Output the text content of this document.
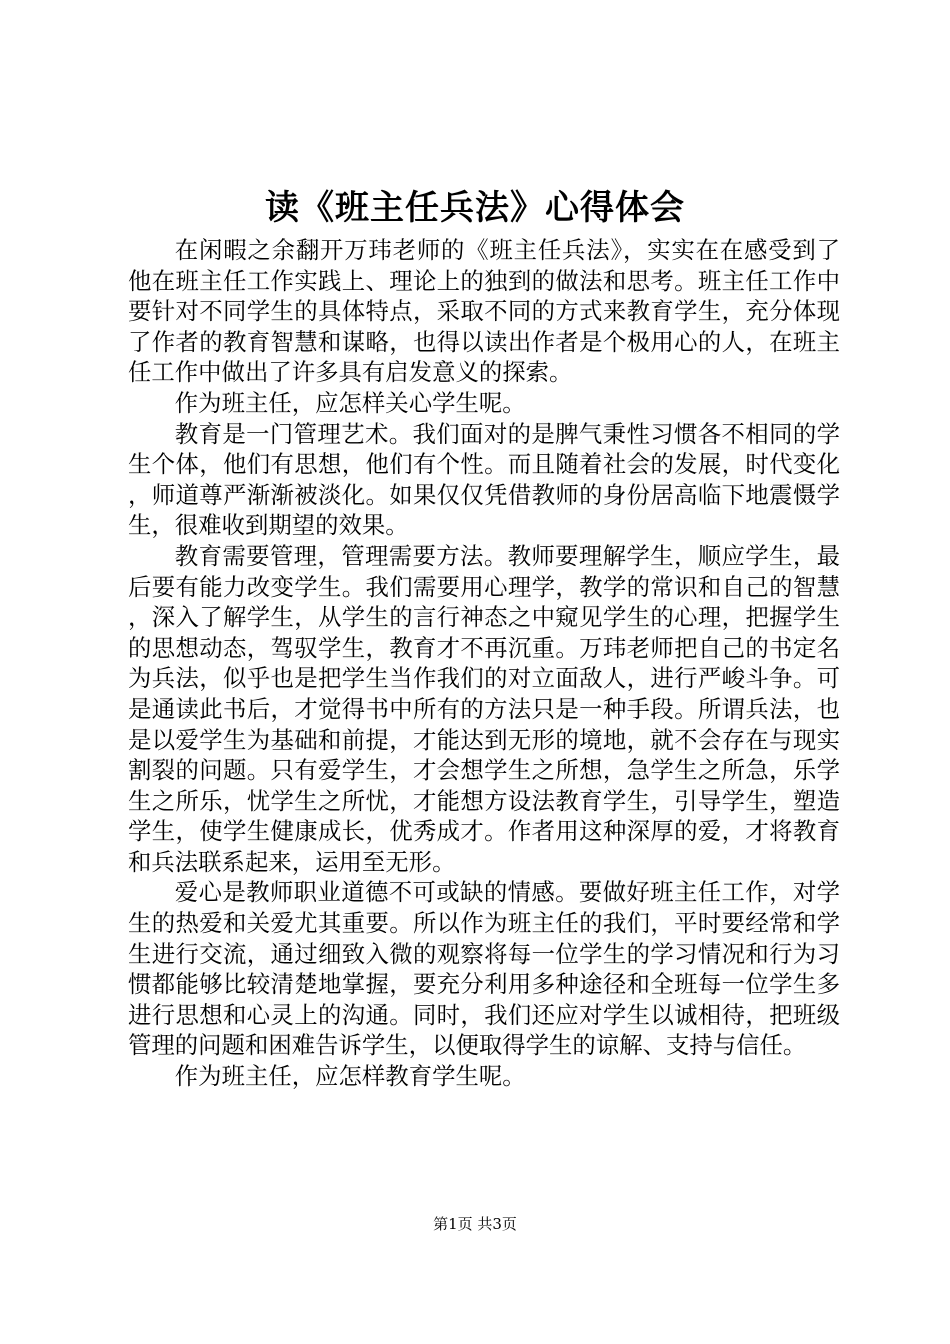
读《班主任兵法》心得体会

在闲暇之余翻开万玮老师的《班主任兵法》，实实在在感受到了他在班主任工作实践上、理论上的独到的做法和思考。班主任工作中要针对不同学生的具体特点，采取不同的方式来教育学生，充分体现了作者的教育智慧和谋略，也得以读出作者是个极用心的人，在班主任工作中做出了许多具有启发意义的探索。

作为班主任，应怎样关心学生呢。

教育是一门管理艺术。我们面对的是脾气秉性习惯各不相同的学生个体，他们有思想，他们有个性。而且随着社会的发展，时代变化，师道尊严渐渐被淡化。如果仅仅凭借教师的身份居高临下地震慑学生，很难收到期望的效果。

教育需要管理，管理需要方法。教师要理解学生，顺应学生，最后要有能力改变学生。我们需要用心理学，教学的常识和自己的智慧，深入了解学生，从学生的言行神态之中窥见学生的心理，把握学生的思想动态，驾驭学生，教育才不再沉重。万玮老师把自己的书定名为兵法，似乎也是把学生当作我们的对立面敌人，进行严峻斗争。可是通读此书后，才觉得书中所有的方法只是一种手段。所谓兵法，也是以爱学生为基础和前提，才能达到无形的境地，就不会存在与现实割裂的问题。只有爱学生，才会想学生之所想，急学生之所急，乐学生之所乐，忧学生之所忧，才能想方设法教育学生，引导学生，塑造学生，使学生健康成长，优秀成才。作者用这种深厚的爱，才将教育和兵法联系起来，运用至无形。

爱心是教师职业道德不可或缺的情感。要做好班主任工作，对学生的热爱和关爱尤其重要。所以作为班主任的我们，平时要经常和学生进行交流，通过细致入微的观察将每一位学生的学习情况和行为习惯都能够比较清楚地掌握，要充分利用多种途径和全班每一位学生多进行思想和心灵上的沟通。同时，我们还应对学生以诚相待，把班级管理的问题和困难告诉学生，以便取得学生的谅解、支持与信任。

作为班主任，应怎样教育学生呢。

第1页 共3页
